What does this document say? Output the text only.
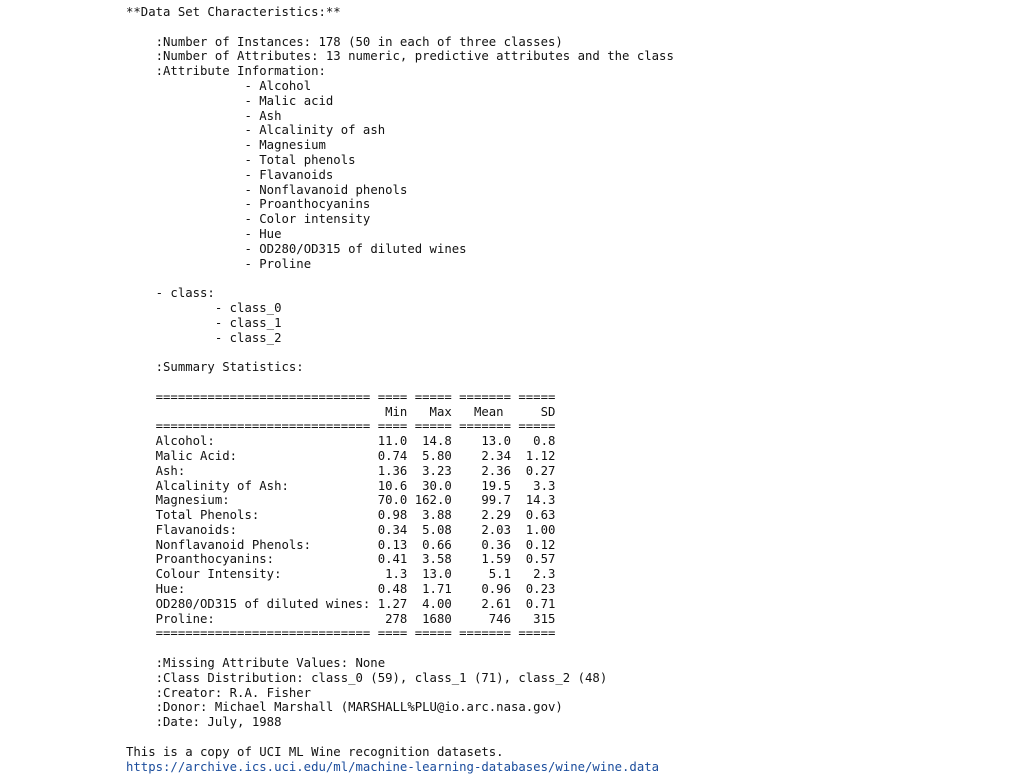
**Data Set Characteristics:**

:Number of Instances: 178 (50 in each of three classes)
:Number of Attributes: 13 numeric, predictive attributes and the class
:Attribute Information:
		- Alcohol
		- Malic acid
		- Ash
		- Alcalinity of ash
		- Magnesium
		- Total phenols
		- Flavanoids
		- Nonflavanoid phenols
		- Proanthocyanins
		- Color intensity
		- Hue
		- OD280/OD315 of diluted wines
		- Proline

- class:
- class_0
- class_1
- class_2

:Summary Statistics:

============================= ==== ===== ======= =====
Min   Max   Mean     SD
============================= ==== ===== ======= =====
Alcohol:                      11.0  14.8    13.0   0.8
Malic Acid:                   0.74  5.80    2.34  1.12
Ash:                          1.36  3.23    2.36  0.27
Alcalinity of Ash:            10.6  30.0    19.5   3.3
Magnesium:                    70.0 162.0    99.7  14.3
Total Phenols:                0.98  3.88    2.29  0.63
Flavanoids:                   0.34  5.08    2.03  1.00
Nonflavanoid Phenols:         0.13  0.66    0.36  0.12
Proanthocyanins:              0.41  3.58    1.59  0.57
Colour Intensity:              1.3  13.0     5.1   2.3
Hue:                          0.48  1.71    0.96  0.23
OD280/OD315 of diluted wines: 1.27  4.00    2.61  0.71
Proline:                       278  1680     746   315
============================= ==== ===== ======= =====

:Missing Attribute Values: None
:Class Distribution: class_0 (59), class_1 (71), class_2 (48)
:Creator: R.A. Fisher
:Donor: Michael Marshall (MARSHALL%PLU@io.arc.nasa.gov)
:Date: July, 1988
This is a copy of UCI ML Wine recognition datasets.
https://archive.ics.uci.edu/ml/machine-learning-databases/wine/wine.data
